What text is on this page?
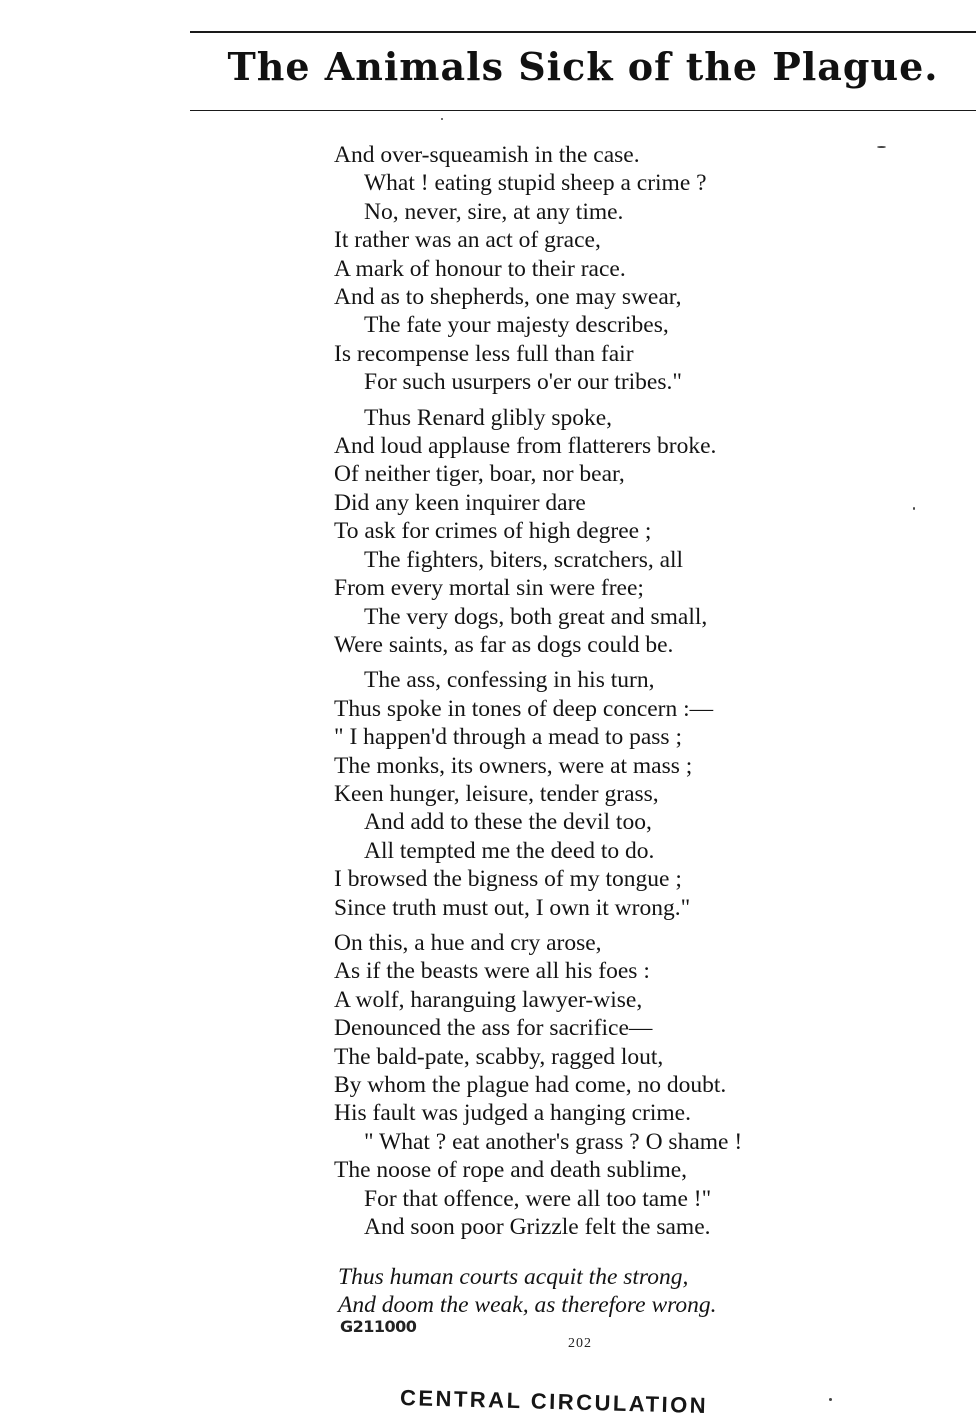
The Animals Sick of the Plague.
And over-squeamish in the case.
What ! eating stupid sheep a crime ?
No, never, sire, at any time.
It rather was an act of grace,
A mark of honour to their race.
And as to shepherds, one may swear,
The fate your majesty describes,
Is recompense less full than fair
For such usurpers o'er our tribes."
Thus Renard glibly spoke,
And loud applause from flatterers broke.
Of neither tiger, boar, nor bear,
Did any keen inquirer dare
To ask for crimes of high degree ;
The fighters, biters, scratchers, all
From every mortal sin were free;
The very dogs, both great and small,
Were saints, as far as dogs could be.
The ass, confessing in his turn,
Thus spoke in tones of deep concern :—
" I happen'd through a mead to pass ;
The monks, its owners, were at mass ;
Keen hunger, leisure, tender grass,
And add to these the devil too,
All tempted me the deed to do.
I browsed the bigness of my tongue ;
Since truth must out, I own it wrong."
On this, a hue and cry arose,
As if the beasts were all his foes :
A wolf, haranguing lawyer-wise,
Denounced the ass for sacrifice—
The bald-pate, scabby, ragged lout,
By whom the plague had come, no doubt.
His fault was judged a hanging crime.
" What ? eat another's grass ? O shame !
The noose of rope and death sublime,
For that offence, were all too tame !"
And soon poor Grizzle felt the same.
Thus human courts acquit the strong,
And doom the weak, as therefore wrong.
G211000
202
CENTRAL CIRCULATION
